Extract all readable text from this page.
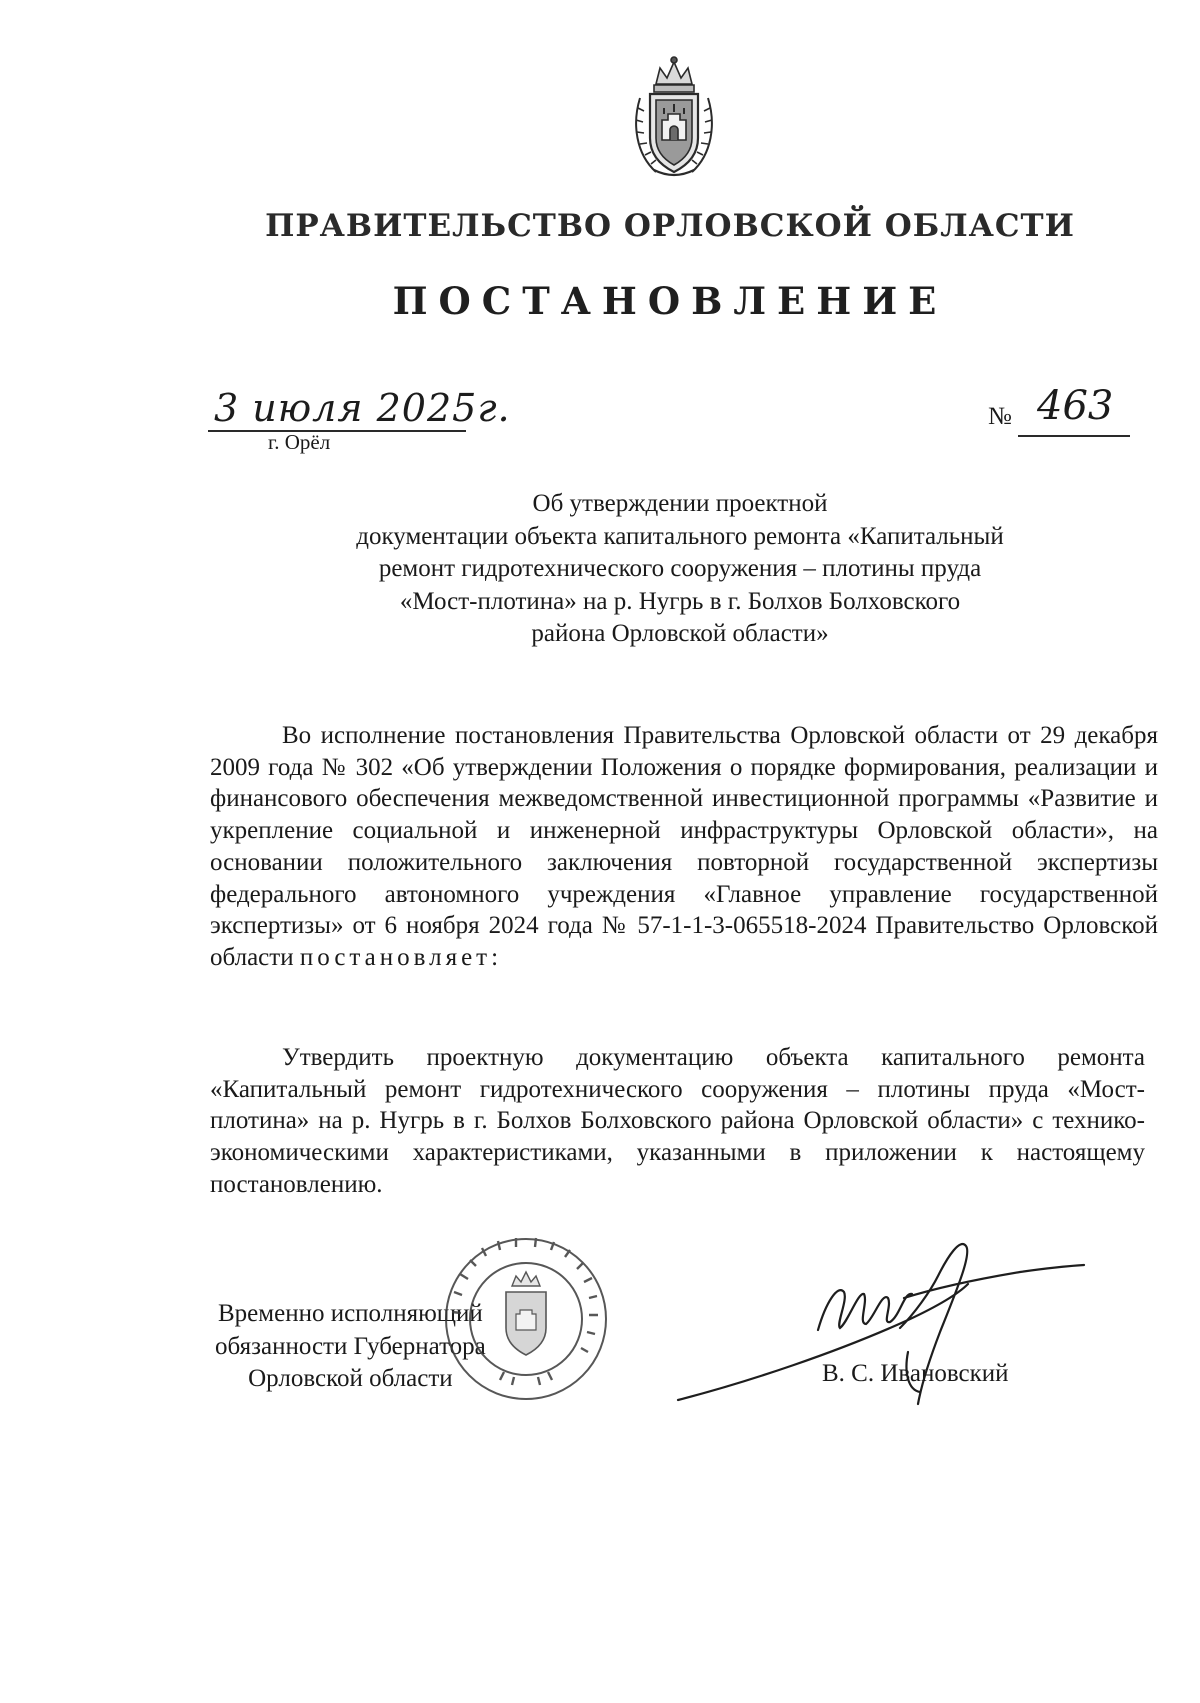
ПРАВИТЕЛЬСТВО ОРЛОВСКОЙ ОБЛАСТИ
ПОСТАНОВЛЕНИЕ
3 июля 2025г.
г. Орёл
№ 463
Об утверждении проектной
документации объекта капитального ремонта «Капитальный
ремонт гидротехнического сооружения – плотины пруда
«Мост-плотина» на р. Нугрь в г. Болхов Болховского
района Орловской области»
Во исполнение постановления Правительства Орловской области от 29 декабря 2009 года № 302 «Об утверждении Положения о порядке формирования, реализации и финансового обеспечения межведомственной инвестиционной программы «Развитие и укрепление социальной и инженерной инфраструктуры Орловской области», на основании положительного заключения повторной государственной экспертизы федерального автономного учреждения «Главное управление государственной экспертизы» от 6 ноября 2024 года № 57-1-1-3-065518-2024 Правительство Орловской области постановляет:
Утвердить проектную документацию объекта капитального ремонта «Капитальный ремонт гидротехнического сооружения – плотины пруда «Мост-плотина» на р. Нугрь в г. Болхов Болховского района Орловской области» с технико-экономическими характеристиками, указанными в приложении к настоящему постановлению.
Временно исполняющий
обязанности Губернатора
Орловской области	В. С. Ивановский
